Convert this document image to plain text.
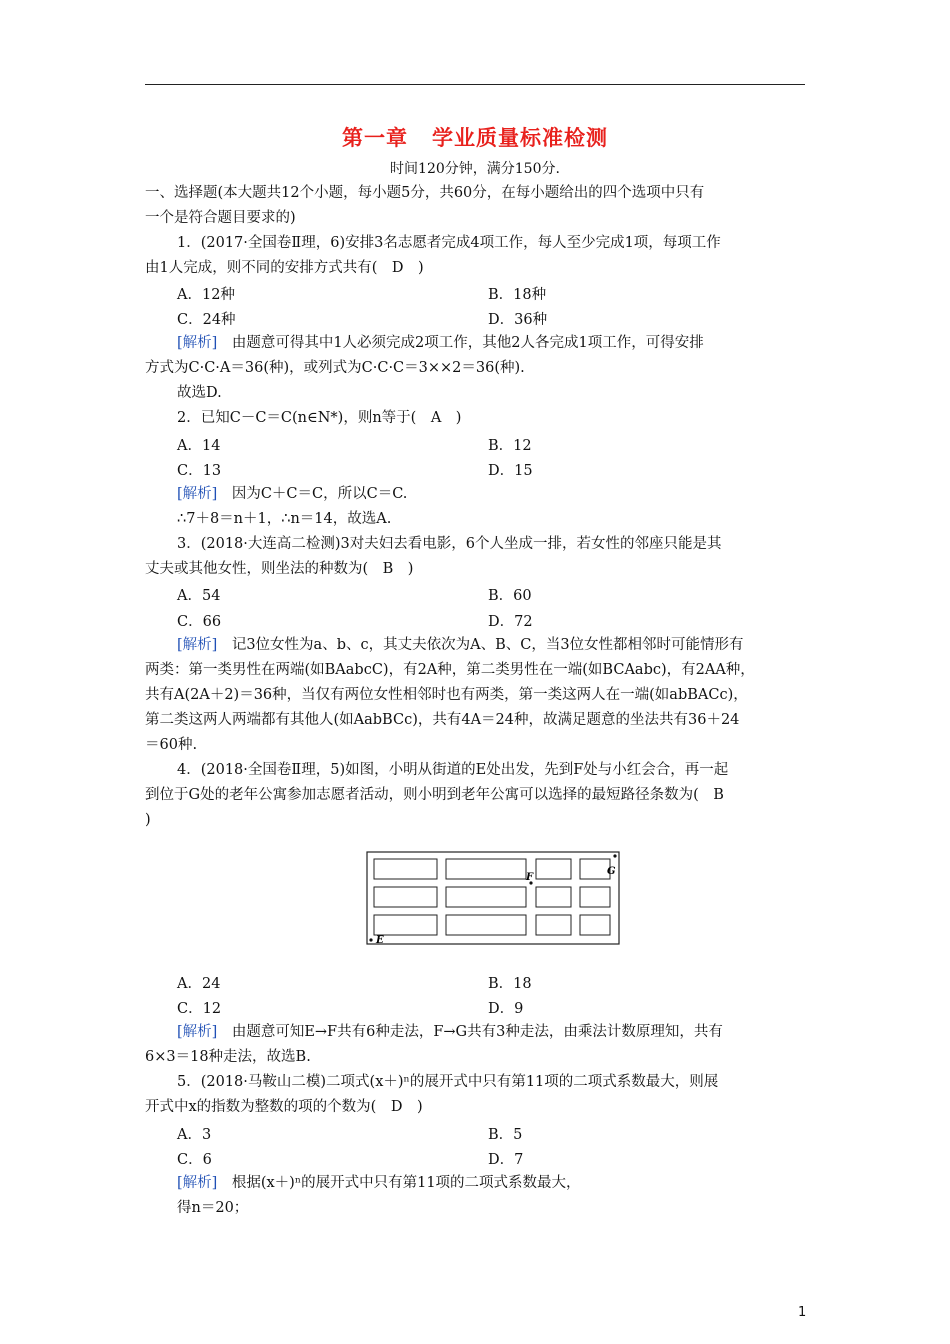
第一章 学业质量标准检测
时间120分钟，满分150分.
一、选择题(本大题共12个小题，每小题5分，共60分，在每小题给出的四个选项中只有
一个是符合题目要求的)
1．(2017·全国卷Ⅱ理，6)安排3名志愿者完成4项工作，每人至少完成1项，每项工作
由1人完成，则不同的安排方式共有(　D　)
A．12种	B．18种
C．24种	D．36种
[解析]　 由题意可得其中1人必须完成2项工作，其他2人各完成1项工作，可得安排
方式为C·C·A＝36(种)，或列式为C·C·C＝3××2＝36(种).
故选D.
2．已知C－C＝C(n∈N*)，则n等于(　A　)
A．14	B．12
C．13	D．15
[解析]　 因为C＋C＝C，所以C＝C.
∴7＋8＝n＋1，∴n＝14，故选A.
3．(2018·大连高二检测)3对夫妇去看电影，6个人坐成一排，若女性的邻座只能是其
丈夫或其他女性，则坐法的种数为(　B　)
A．54	B．60
C．66	D．72
[解析]　 记3位女性为a、b、c，其丈夫依次为A、B、C，当3位女性都相邻时可能情形有
两类：第一类男性在两端(如BAabcC)，有2A种，第二类男性在一端(如BCAabc)，有2AA种，
共有A(2A＋2)＝36种，当仅有两位女性相邻时也有两类，第一类这两人在一端(如abBACc)，
第二类这两人两端都有其他人(如AabBCc)，共有4A＝24种，故满足题意的坐法共有36＋24
＝60种.
4．(2018·全国卷Ⅱ理，5)如图，小明从街道的E处出发，先到F处与小红会合，再一起
到位于G处的老年公寓参加志愿者活动，则小明到老年公寓可以选择的最短路径条数为(　B
)
E
F
G
A．24	B．18
C．12	D．9
[解析]　 由题意可知E→F共有6种走法，F→G共有3种走法，由乘法计数原理知，共有
6×3＝18种走法，故选B.
5．(2018·马鞍山二模)二项式(x＋)ⁿ的展开式中只有第11项的二项式系数最大，则展
开式中x的指数为整数的项的个数为(　D　)
A．3	B．5
C．6	D．7
[解析]　 根据(x＋)ⁿ的展开式中只有第11项的二项式系数最大，
得n＝20；
1
